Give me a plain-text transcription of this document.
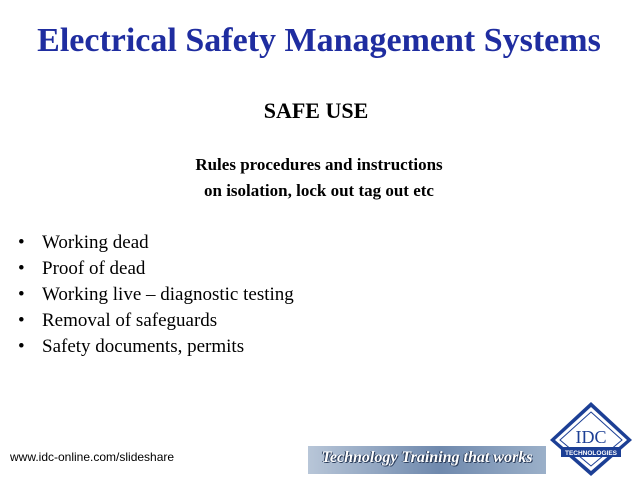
Electrical Safety Management Systems
SAFE USE
Rules procedures and instructions
on isolation, lock out tag out etc
• Working dead
• Proof of dead
• Working live – diagnostic testing
• Removal of safeguards
• Safety documents, permits
www.idc-online.com/slideshare	Technology Training that works
IDC
TECHNOLOGIES
